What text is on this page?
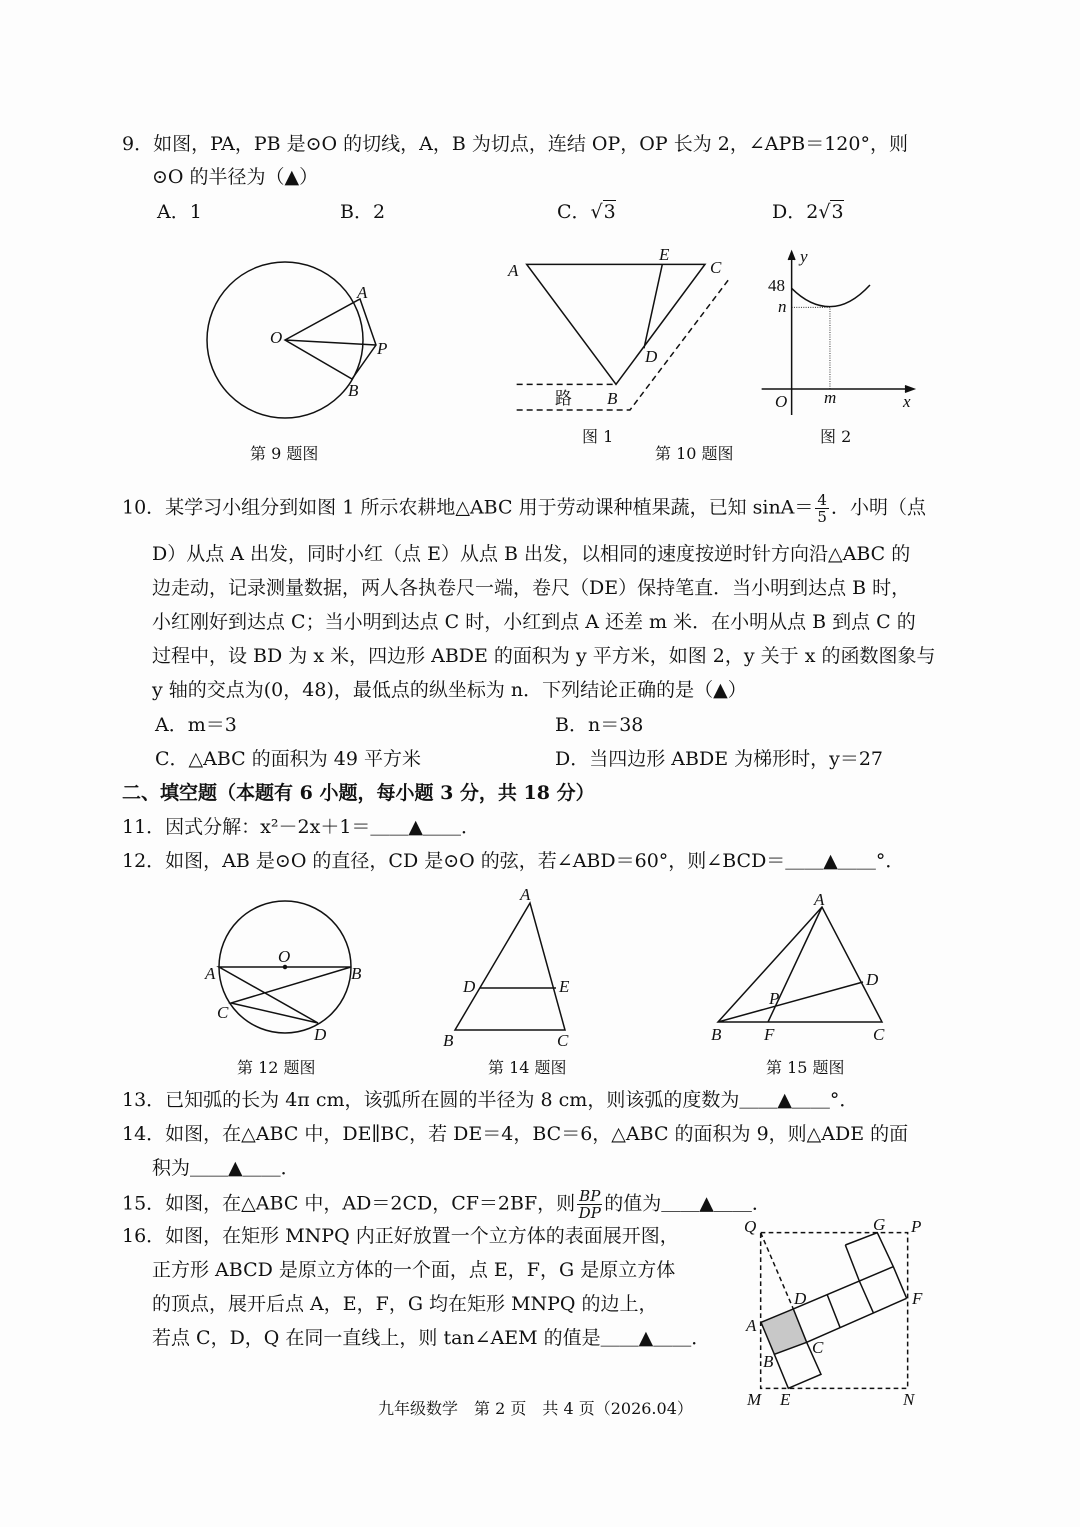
9．如图，PA，PB 是⊙O 的切线，A，B 为切点，连结 OP，OP 长为 2，∠APB＝120°，则
⊙O 的半径为（▲）
A．1	B．2	C．√3	D．2√3
O
A
P
B
A
E
C
D
B
路
y
48
n
O m	x
O
A	B
C
D
A
D	E
B	C
A
D
P
B	F	C
Q	G P
F
D
A
C
B
M E	N
第 9 题图
图 1	图 2
第 10 题图
10．某学习小组分到如图 1 所示农耕地△ABC 用于劳动课种植果蔬，已知 $\sin A= \frac{4}{5}$ ．小明（点
D）从点 A 出发，同时小红（点 E）从点 B 出发，以相同的速度按逆时针方向沿△ABC 的
边走动，记录测量数据，两人各执卷尺一端，卷尺（DE）保持笔直．当小明到达点 B 时，
小红刚好到达点 C；当小明到达点 C 时，小红到点 A 还差 m 米．在小明从点 B 到点 C 的
过程中，设 BD 为 x 米，四边形 ABDE 的面积为 y 平方米，如图 2，y 关于 x 的函数图象与
y 轴的交点为(0，48)，最低点的纵坐标为 n．下列结论正确的是（▲）
A．m＝3	B．n＝38
C．△ABC 的面积为 49 平方米	D．当四边形 ABDE 为梯形时，y＝27
二、填空题（本题有 6 小题，每小题 3 分，共 18 分）
11．因式分解：x²－2x＋1＝＿＿▲＿＿．
12．如图，AB 是⊙O 的直径，CD 是⊙O 的弦，若∠ABD＝60°，则∠BCD＝＿＿▲＿＿°．
第 12 题图	第 14 题图	第 15 题图
13．已知弧的长为 4π cm，该弧所在圆的半径为 8 cm，则该弧的度数为＿＿▲＿＿°．
14．如图，在△ABC 中，DE∥BC，若 DE＝4，BC＝6，△ABC 的面积为 9，则△ADE 的面
积为＿＿▲＿＿．
15．如图，在△ABC 中，AD＝2CD，CF＝2BF，则 $\frac{BP}{DP}$ 的值为＿＿▲＿＿．
16．如图，在矩形 MNPQ 内正好放置一个立方体的表面展开图，
正方形 ABCD 是原立方体的一个面，点 E，F，G 是原立方体
的顶点，展开后点 A，E，F，G 均在矩形 MNPQ 的边上，
若点 C，D，Q 在同一直线上，则 tan∠AEM 的值是＿＿▲＿＿．
九年级数学　第 2 页　共 4 页（2026.04）
